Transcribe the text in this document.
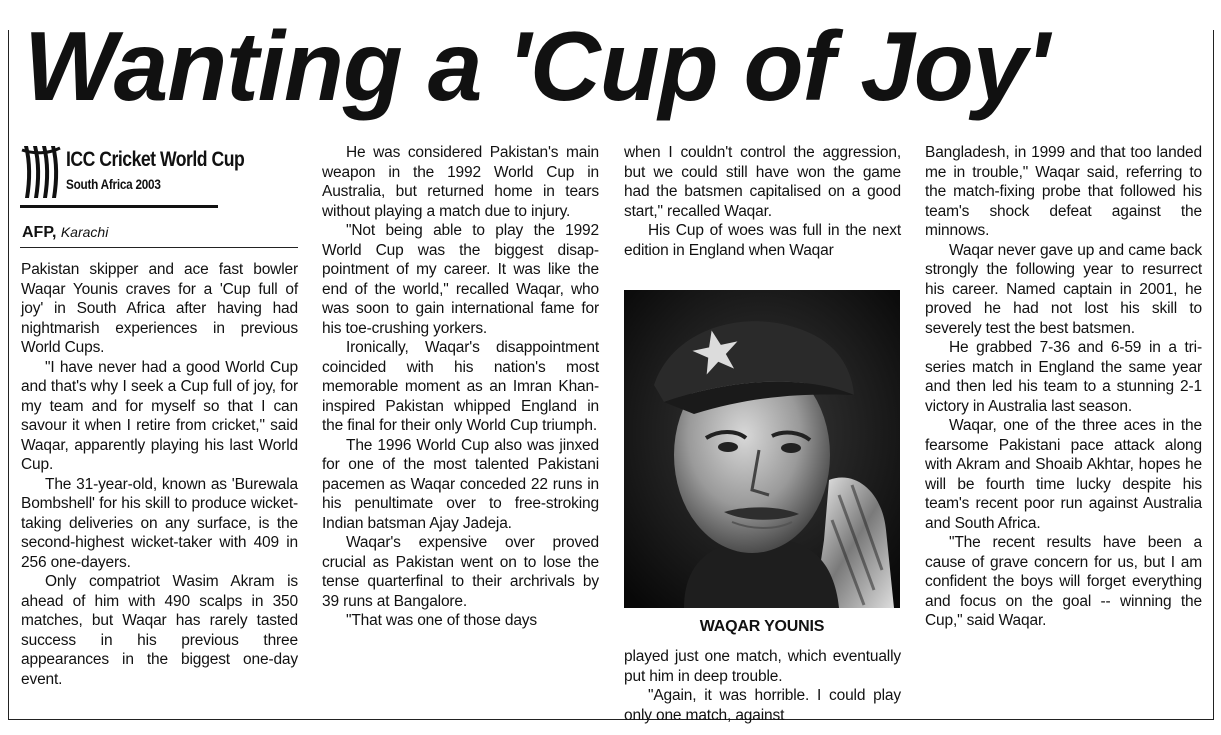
Wanting a 'Cup of Joy'
ICC Cricket World Cup
South Africa 2003
AFP, Karachi

Pakistan skipper and ace fast bowler Waqar Younis craves for a 'Cup full of joy' in South Africa after having had nightmarish experiences in previous World Cups.

"I have never had a good World Cup and that's why I seek a Cup full of joy, for my team and for myself so that I can savour it when I retire from cricket," said Waqar, apparently playing his last World Cup.

The 31-year-old, known as 'Burewala Bombshell' for his skill to produce wicket-taking deliveries on any surface, is the second-highest wicket-taker with 409 in 256 one-dayers.

Only compatriot Wasim Akram is ahead of him with 490 scalps in 350 matches, but Waqar has rarely tasted success in his previous three appearances in the biggest one-day event.

He was considered Pakistan's main weapon in the 1992 World Cup in Australia, but returned home in tears without playing a match due to injury.

"Not being able to play the 1992 World Cup was the biggest disappointment of my career. It was like the end of the world," recalled Waqar, who was soon to gain international fame for his toe-crushing yorkers.

Ironically, Waqar's disappointment coincided with his nation's most memorable moment as an Imran Khan-inspired Pakistan whipped England in the final for their only World Cup triumph.

The 1996 World Cup also was jinxed for one of the most talented Pakistani pacemen as Waqar conceded 22 runs in his penultimate over to free-stroking Indian batsman Ajay Jadeja.

Waqar's expensive over proved crucial as Pakistan went on to lose the tense quarterfinal to their archrivals by 39 runs at Bangalore.

"That was one of those days

when I couldn't control the aggression, but we could still have won the game had the batsmen capitalised on a good start," recalled Waqar.

His Cup of woes was full in the next edition in England when Waqar

WAQAR YOUNIS

played just one match, which eventually put him in deep trouble.

"Again, it was horrible. I could play only one match, against

Bangladesh, in 1999 and that too landed me in trouble," Waqar said, referring to the match-fixing probe that followed his team's shock defeat against the minnows.

Waqar never gave up and came back strongly the following year to resurrect his career. Named captain in 2001, he proved he had not lost his skill to severely test the best batsmen.

He grabbed 7-36 and 6-59 in a tri-series match in England the same year and then led his team to a stunning 2-1 victory in Australia last season.

Waqar, one of the three aces in the fearsome Pakistani pace attack along with Akram and Shoaib Akhtar, hopes he will be fourth time lucky despite his team's recent poor run against Australia and South Africa.

"The recent results have been a cause of grave concern for us, but I am confident the boys will forget everything and focus on the goal -- winning the Cup," said Waqar.
